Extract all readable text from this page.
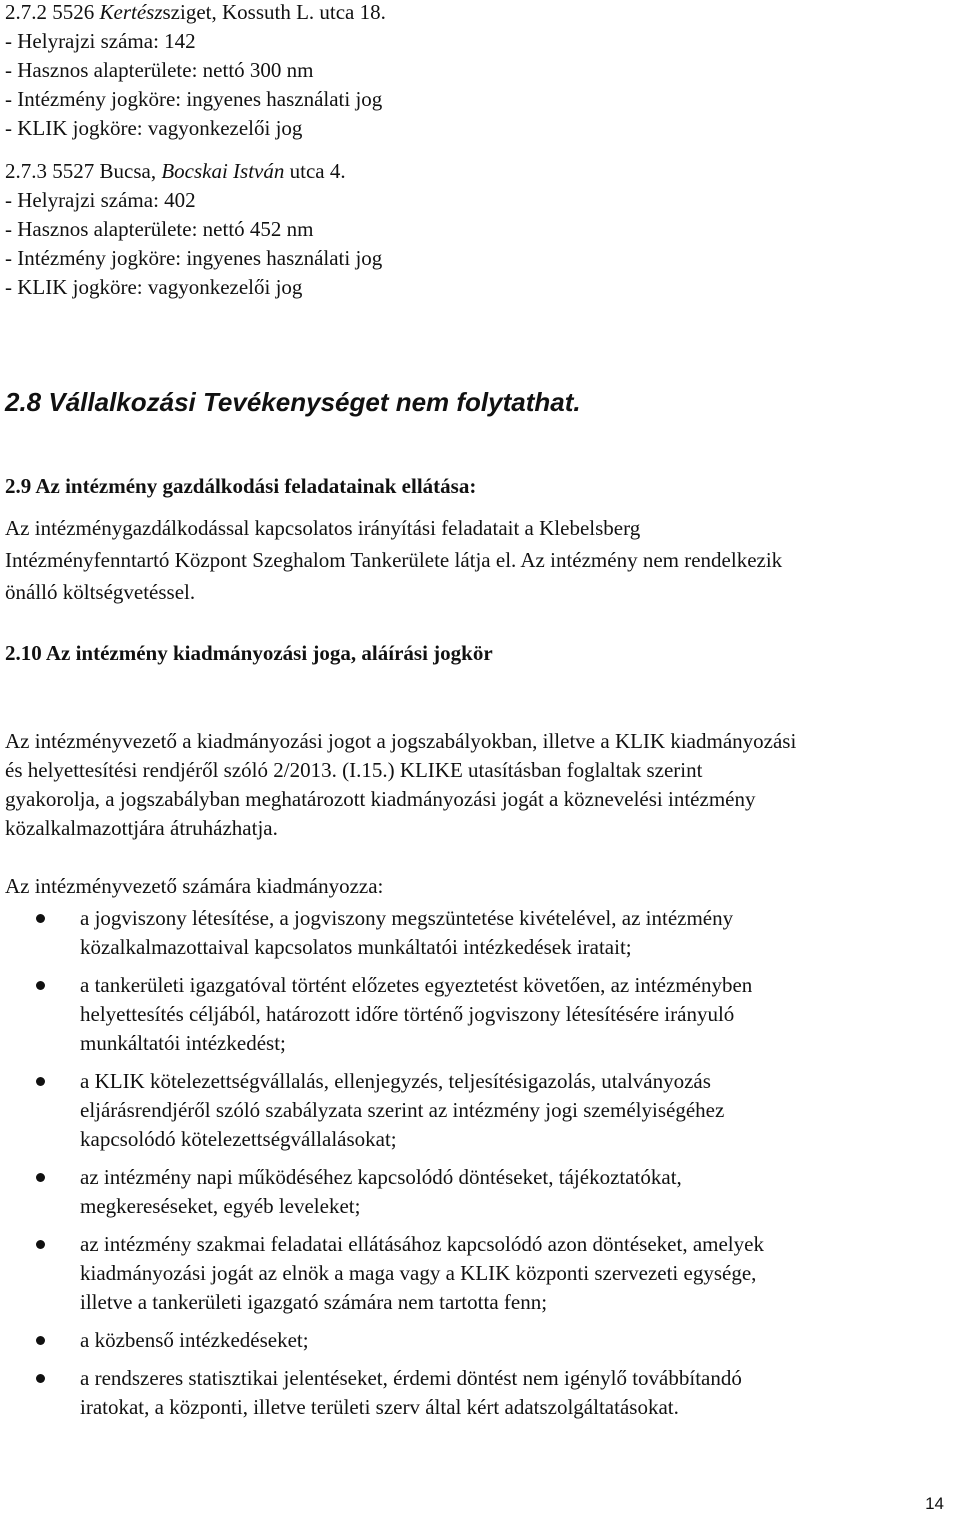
2.7.2 5526 Kertészsziget, Kossuth L. utca 18.
- Helyrajzi száma: 142
- Hasznos alapterülete: nettó 300 nm
- Intézmény jogköre: ingyenes használati jog
- KLIK jogköre: vagyonkezelői jog
2.7.3 5527 Bucsa, Bocskai István utca 4.
- Helyrajzi száma: 402
- Hasznos alapterülete: nettó 452 nm
- Intézmény jogköre: ingyenes használati jog
- KLIK jogköre: vagyonkezelői jog
2.8 Vállalkozási Tevékenységet nem folytathat.
2.9 Az intézmény gazdálkodási feladatainak ellátása:
Az intézménygazdálkodással kapcsolatos irányítási feladatait a Klebelsberg
Intézményfenntartó Központ Szeghalom Tankerülete látja el. Az intézmény nem rendelkezik
önálló költségvetéssel.
2.10 Az intézmény kiadmányozási joga, aláírási jogkör
Az intézményvezető a kiadmányozási jogot a jogszabályokban, illetve a KLIK kiadmányozási
és helyettesítési rendjéről szóló 2/2013. (I.15.) KLIKE utasításban foglaltak szerint
gyakorolja, a jogszabályban meghatározott kiadmányozási jogát a köznevelési intézmény
közalkalmazottjára átruházhatja.
Az intézményvezető számára kiadmányozza:
a jogviszony létesítése, a jogviszony megszüntetése kivételével, az intézmény
közalkalmazottaival kapcsolatos munkáltatói intézkedések iratait;
a tankerületi igazgatóval történt előzetes egyeztetést követően, az intézményben
helyettesítés céljából, határozott időre történő jogviszony létesítésére irányuló
munkáltatói intézkedést;
a KLIK kötelezettségvállalás, ellenjegyzés, teljesítésigazolás, utalványozás
eljárásrendjéről szóló szabályzata szerint az intézmény jogi személyiségéhez
kapcsolódó kötelezettségvállalásokat;
az intézmény napi működéséhez kapcsolódó döntéseket, tájékoztatókat,
megkereséseket, egyéb leveleket;
az intézmény szakmai feladatai ellátásához kapcsolódó azon döntéseket, amelyek
kiadmányozási jogát az elnök a maga vagy a KLIK központi szervezeti egysége,
illetve a tankerületi igazgató számára nem tartotta fenn;
a közbenső intézkedéseket;
a rendszeres statisztikai jelentéseket, érdemi döntést nem igénylő továbbítandó
iratokat, a központi, illetve területi szerv által kért adatszolgáltatásokat.
14
